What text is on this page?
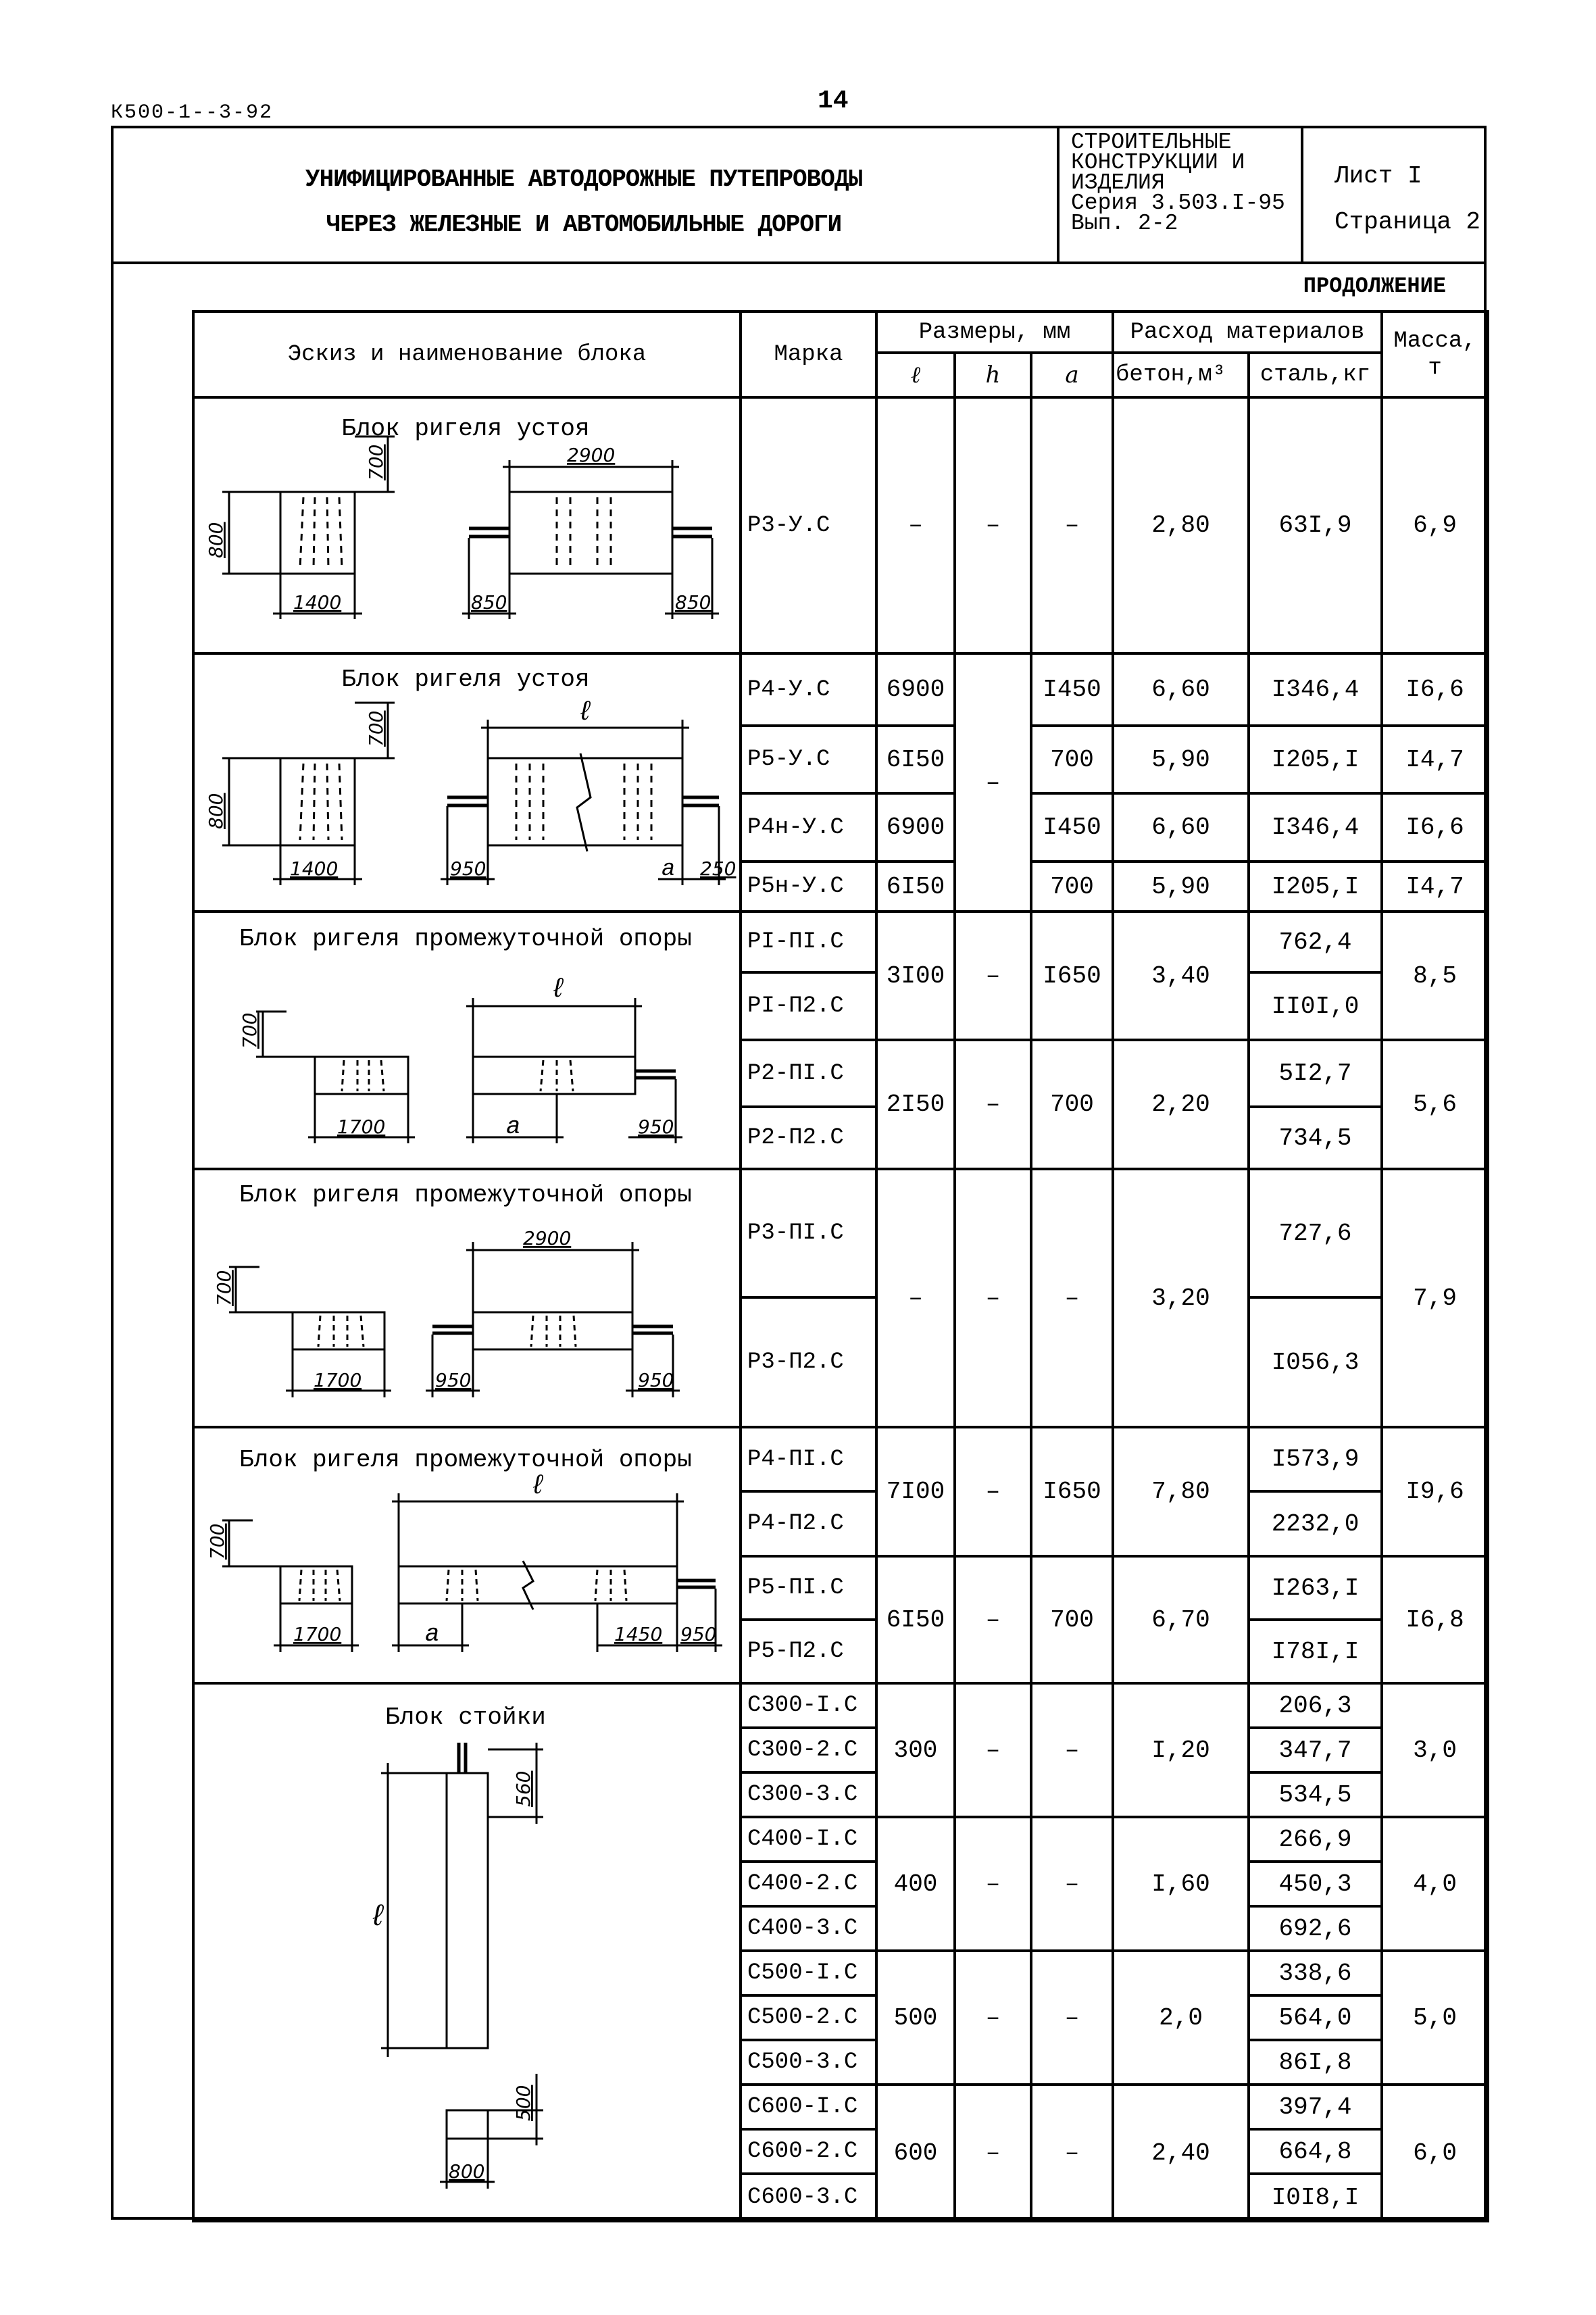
К500-1--3-92	14
УНИФИЦИРОВАННЫЕ АВТОДОРОЖНЫЕ ПУТЕПРОВОДЫ
ЧЕРЕЗ ЖЕЛЕЗНЫЕ И АВТОМОБИЛЬНЫЕ ДОРОГИ
СТРОИТЕЛЬНЫЕ
КОНСТРУКЦИИ И
ИЗДЕЛИЯ
Серия 3.503.I-95
Вып. 2-2
Лист I
Страница 2
ПРОДОЛЖЕНИЕ
Эскиз и наименование блока	Марка	Размеры, мм			Расход материалов		Масса, т
		ℓ	h	a	бетон,м³	сталь,кг	
	Р3-У.С	–	–	–	2,80	63I,9	6,9
	Р4-У.С	6900	–	I450	6,60	I346,4	I6,6
	Р5-У.С	6I50		700	5,90	I205,I	I4,7
	Р4н-У.С	6900		I450	6,60	I346,4	I6,6
	Р5н-У.С	6I50		700	5,90	I205,I	I4,7
	РI-ПI.С	3I00	–	I650	3,40	762,4	8,5
	РI-П2.С					II0I,0	
	Р2-ПI.С	2I50	–	700	2,20	5I2,7	5,6
	Р2-П2.С					734,5	
	Р3-ПI.С	–	–	–	3,20	727,6	7,9
	Р3-П2.С					I056,3	
	Р4-ПI.С	7I00	–	I650	7,80	I573,9	I9,6
	Р4-П2.С					2232,0	
	Р5-ПI.С	6I50	–	700	6,70	I263,I	I6,8
	Р5-П2.С					I78I,I	
	С300-I.С	300	–	–	I,20	206,3	3,0
	С300-2.С					347,7	
	С300-3.С					534,5	
	С400-I.С	400	–	–	I,60	266,9	4,0
	С400-2.С					450,3	
	С400-3.С					692,6	
	С500-I.С	500	–	–	2,0	338,6	5,0
	С500-2.С					564,0	
	С500-3.С					86I,8	
	С600-I.С	600	–	–	2,40	397,4	6,0
	С600-2.С					664,8	
	С600-3.С					I0I8,I	
Блок ригеля устоя
800
700
1400
2900
850	850
Блок ригеля устоя
800
700
1400
ℓ
950	a 250
Блок ригеля промежуточной опоры
700
1700
ℓ
a	950
Блок ригеля промежуточной опоры
700
1700
2900
950	950
Блок ригеля промежуточной опоры
700
1700
ℓ
a	1450 950
Блок стойки
560
ℓ
500
800
